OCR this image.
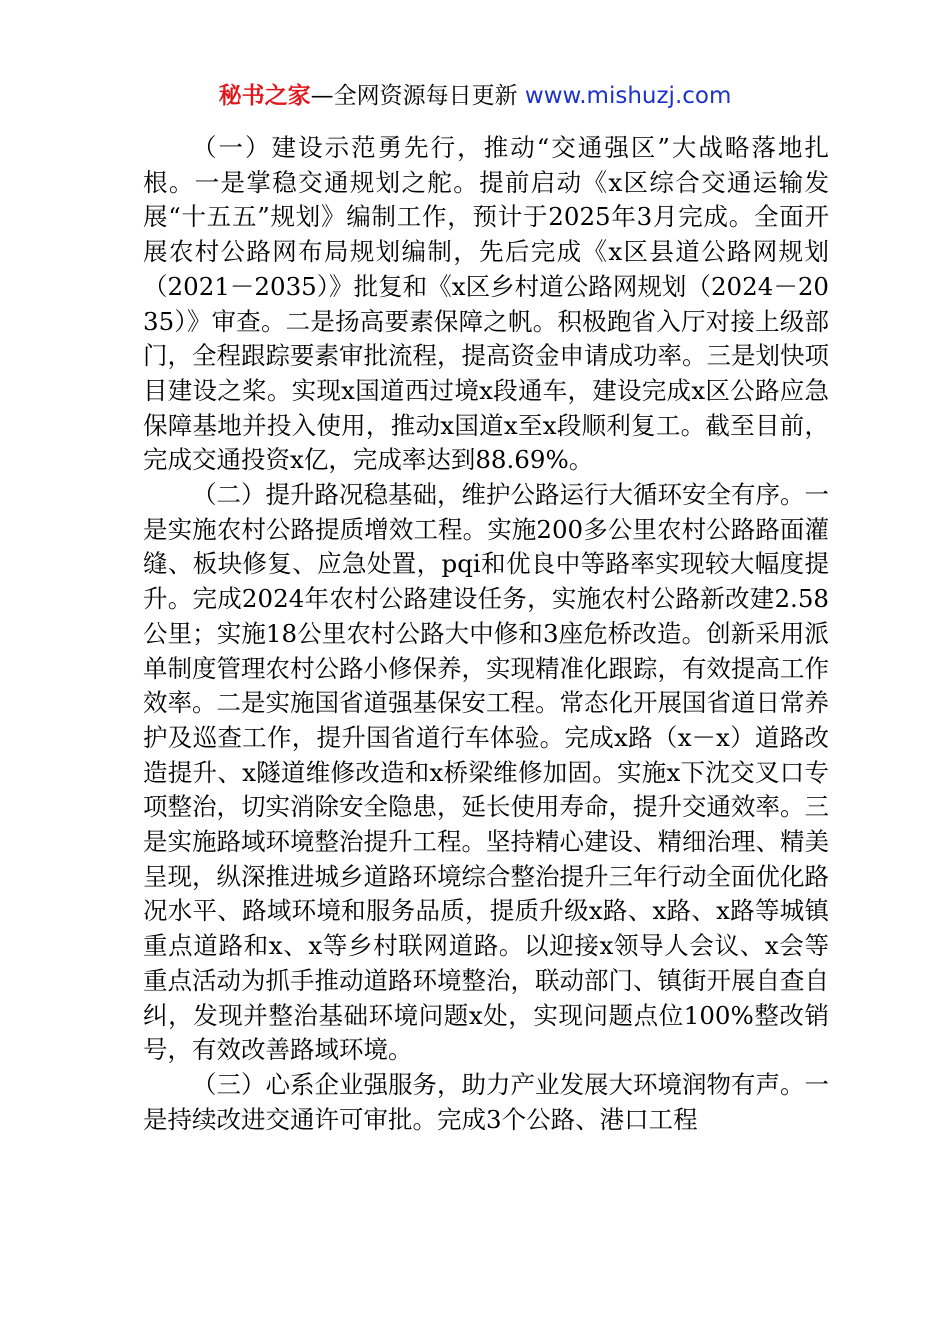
秘书之家—全网资源每日更新 www.mishuzj.com

（一）建设示范勇先行，推动“交通强区”大战略落地扎根。一是掌稳交通规划之舵。提前启动《x区综合交通运输发展“十五五”规划》编制工作，预计于2025年3月完成。全面开展农村公路网布局规划编制，先后完成《x区县道公路网规划（2021－2035）》批复和《x区乡村道公路网规划（2024－2035）》审查。二是扬高要素保障之帆。积极跑省入厅对接上级部门，全程跟踪要素审批流程，提高资金申请成功率。三是划快项目建设之桨。实现x国道西过境x段通车，建设完成x区公路应急保障基地并投入使用，推动x国道x至x段顺利复工。截至目前，完成交通投资x亿，完成率达到88.69%。

（二）提升路况稳基础，维护公路运行大循环安全有序。一是实施农村公路提质增效工程。实施200多公里农村公路路面灌缝、板块修复、应急处置，pqi和优良中等路率实现较大幅度提升。完成2024年农村公路建设任务，实施农村公路新改建2.58公里；实施18公里农村公路大中修和3座危桥改造。创新采用派单制度管理农村公路小修保养，实现精准化跟踪，有效提高工作效率。二是实施国省道强基保安工程。常态化开展国省道日常养护及巡查工作，提升国省道行车体验。完成x路（x－x）道路改造提升、x隧道维修改造和x桥梁维修加固。实施x下沈交叉口专项整治，切实消除安全隐患，延长使用寿命，提升交通效率。三是实施路域环境整治提升工程。坚持精心建设、精细治理、精美呈现，纵深推进城乡道路环境综合整治提升三年行动全面优化路况水平、路域环境和服务品质，提质升级x路、x路、x路等城镇重点道路和x、x等乡村联网道路。以迎接x领导人会议、x会等重点活动为抓手推动道路环境整治，联动部门、镇街开展自查自纠，发现并整治基础环境问题x处，实现问题点位100%整改销号，有效改善路域环境。

（三）心系企业强服务，助力产业发展大环境润物有声。一是持续改进交通许可审批。完成3个公路、港口工程
